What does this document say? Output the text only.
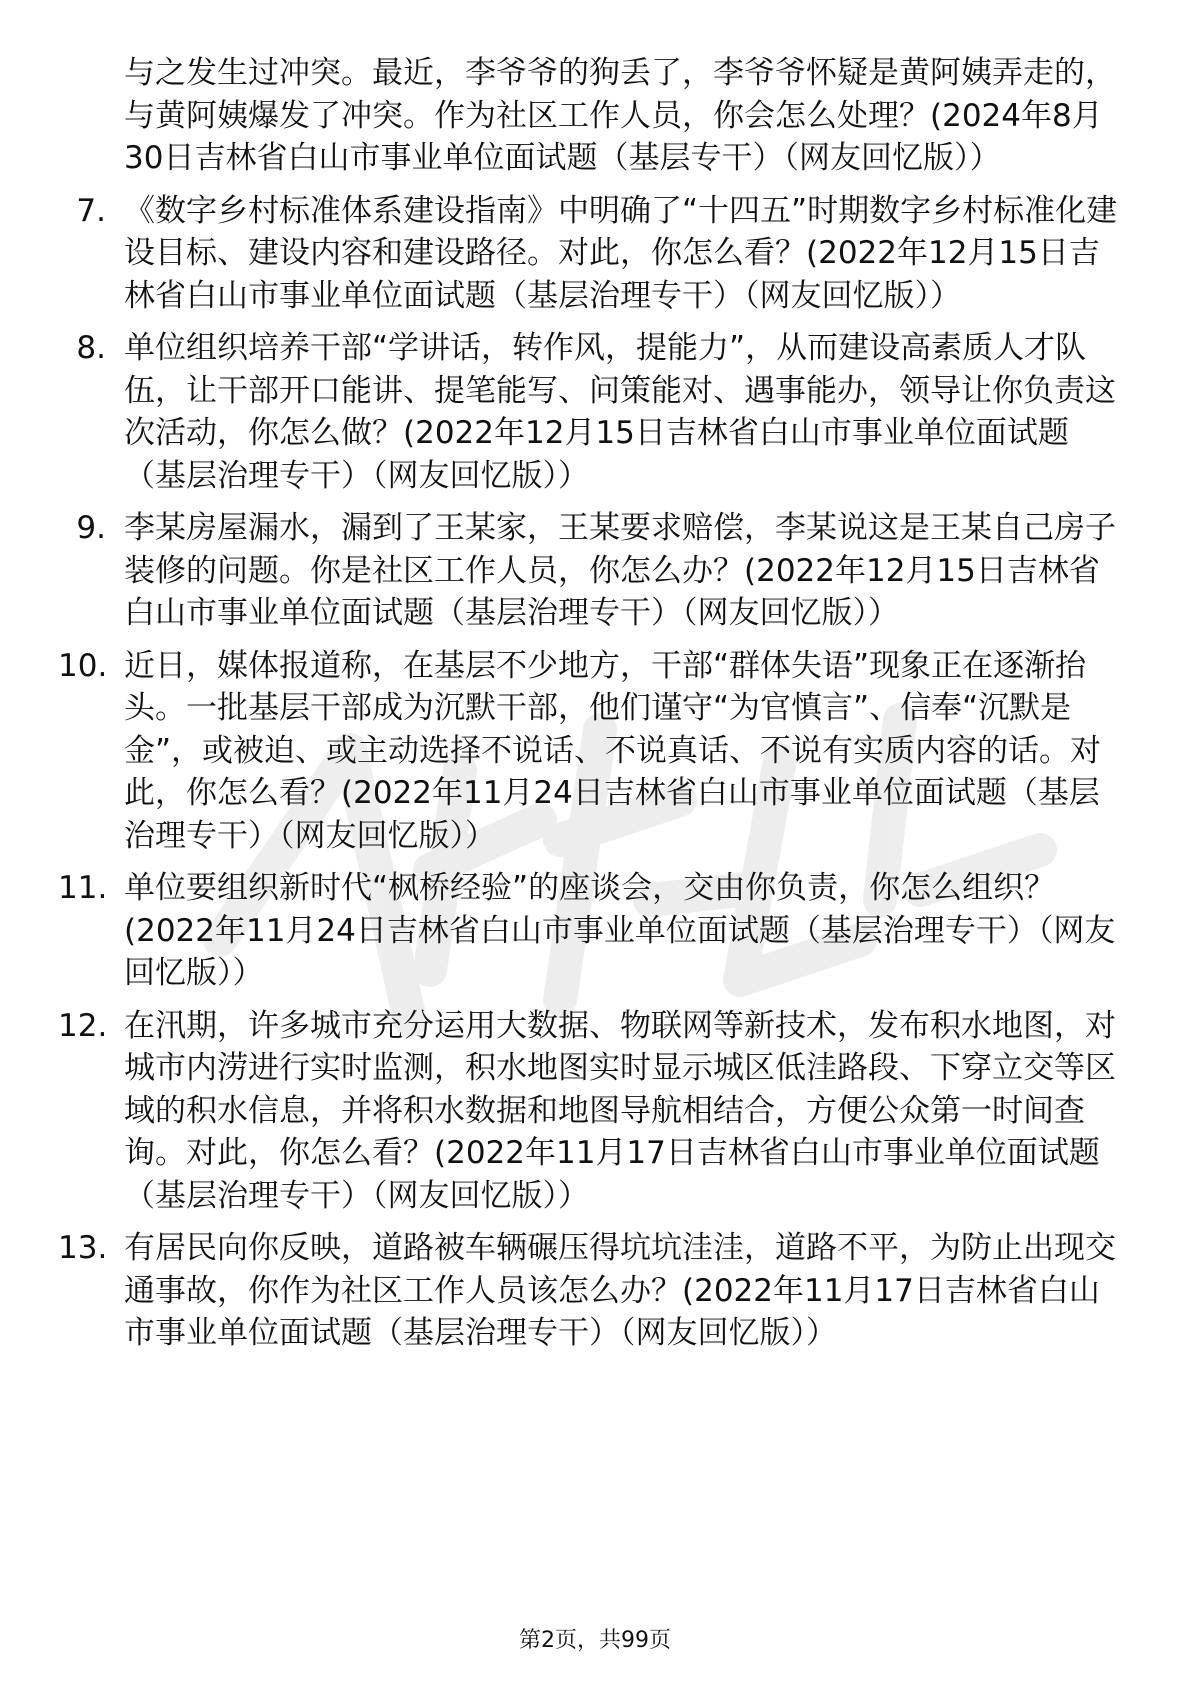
与之发生过冲突。最近，李爷爷的狗丢了，李爷爷怀疑是黄阿姨弄走的，与黄阿姨爆发了冲突。作为社区工作人员，你会怎么处理？(2024年8月30日吉林省白山市事业单位面试题（基层专干）（网友回忆版））
7. 《数字乡村标准体系建设指南》中明确了“十四五”时期数字乡村标准化建设目标、建设内容和建设路径。对此，你怎么看？(2022年12月15日吉林省白山市事业单位面试题（基层治理专干）（网友回忆版））
8. 单位组织培养干部“学讲话，转作风，提能力”，从而建设高素质人才队伍，让干部开口能讲、提笔能写、问策能对、遇事能办，领导让你负责这次活动，你怎么做？(2022年12月15日吉林省白山市事业单位面试题（基层治理专干）（网友回忆版））
9. 李某房屋漏水，漏到了王某家，王某要求赔偿，李某说这是王某自己房子装修的问题。你是社区工作人员，你怎么办？(2022年12月15日吉林省白山市事业单位面试题（基层治理专干）（网友回忆版））
10. 近日，媒体报道称，在基层不少地方，干部“群体失语”现象正在逐渐抬头。一批基层干部成为沉默干部，他们谨守“为官慎言”、信奉“沉默是金”，或被迫、或主动选择不说话、不说真话、不说有实质内容的话。对此，你怎么看？(2022年11月24日吉林省白山市事业单位面试题（基层治理专干）（网友回忆版））
11. 单位要组织新时代“枫桥经验”的座谈会，交由你负责，你怎么组织？(2022年11月24日吉林省白山市事业单位面试题（基层治理专干）（网友回忆版））
12. 在汛期，许多城市充分运用大数据、物联网等新技术，发布积水地图，对城市内涝进行实时监测，积水地图实时显示城区低洼路段、下穿立交等区域的积水信息，并将积水数据和地图导航相结合，方便公众第一时间查询。对此，你怎么看？(2022年11月17日吉林省白山市事业单位面试题（基层治理专干）（网友回忆版））
13. 有居民向你反映，道路被车辆碾压得坑坑洼洼，道路不平，为防止出现交通事故，你作为社区工作人员该怎么办？(2022年11月17日吉林省白山市事业单位面试题（基层治理专干）（网友回忆版））
第2页，共99页
